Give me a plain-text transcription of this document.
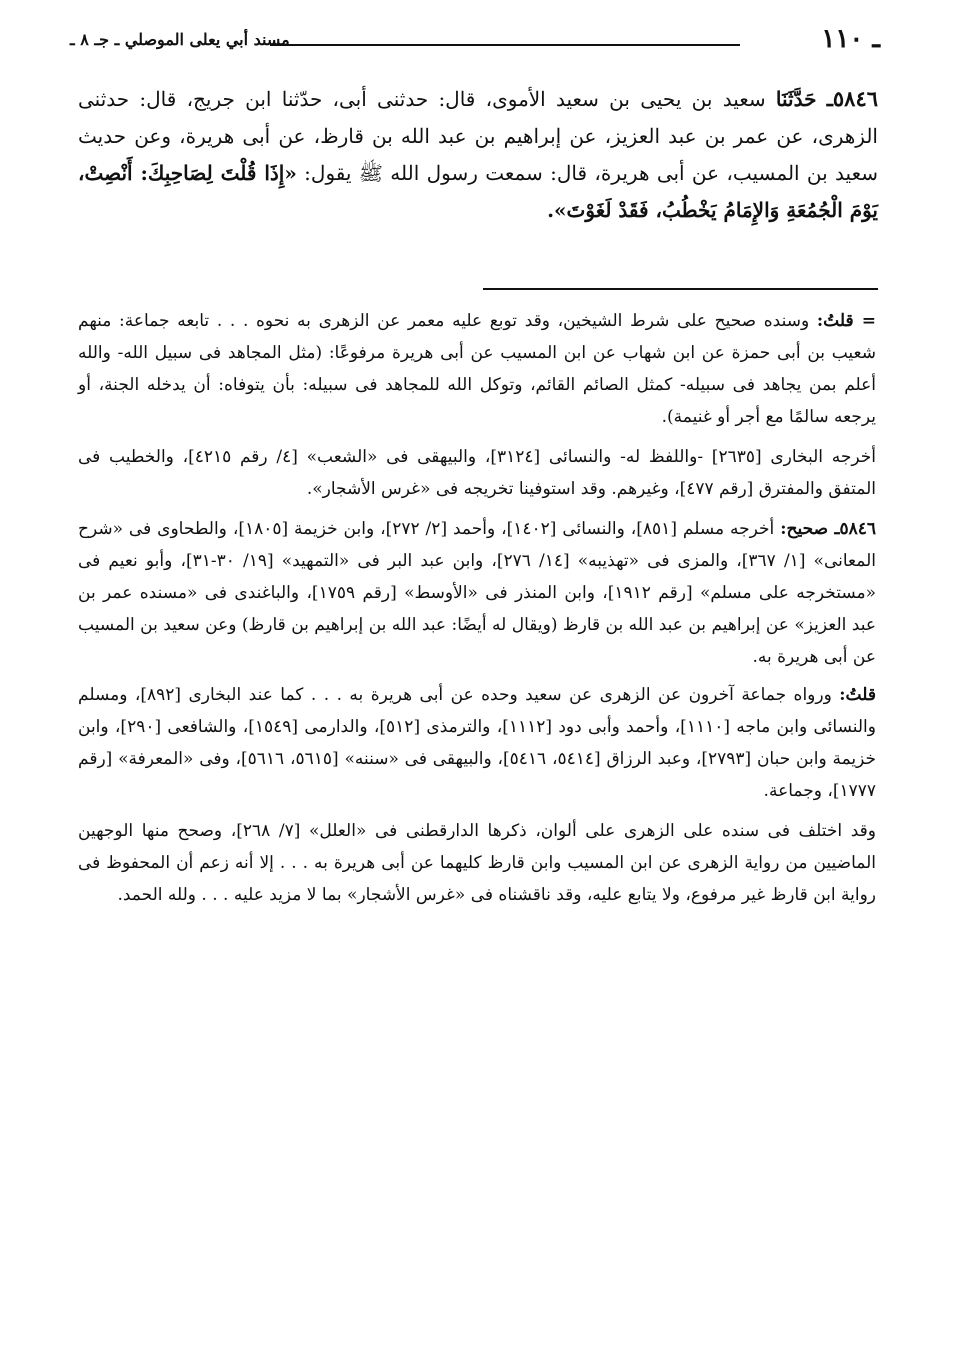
ـ ١١٠
مسند أبي يعلى الموصلي ـ جـ ٨ ـ

٥٨٤٦ـ حَدَّثَنَا سعيد بن يحيى بن سعيد الأموى، قال: حدثنى أبى، حدّثنا ابن جريج، قال: حدثنى الزهرى، عن عمر بن عبد العزيز، عن إبراهيم بن عبد الله بن قارظ، عن أبى هريرة، وعن حديث سعيد بن المسيب، عن أبى هريرة، قال: سمعت رسول الله ﷺ يقول: «إِذَا قُلْتَ لِصَاحِبِكَ: أَنْصِتْ، يَوْمَ الْجُمُعَةِ وَالإِمَامُ يَخْطُبُ، فَقَدْ لَغَوْتَ».

= قلتُ: وسنده صحيح على شرط الشيخين، وقد توبع عليه معمر عن الزهرى به نحوه . . . تابعه جماعة: منهم شعيب بن أبى حمزة عن ابن شهاب عن ابن المسيب عن أبى هريرة مرفوعًا: (مثل المجاهد فى سبيل الله- والله أعلم بمن يجاهد فى سبيله- كمثل الصائم القائم، وتوكل الله للمجاهد فى سبيله: بأن يتوفاه: أن يدخله الجنة، أو يرجعه سالمًا مع أجر أو غنيمة).

أخرجه البخارى [٢٦٣٥] -واللفظ له- والنسائى [٣١٢٤]، والبيهقى فى «الشعب» [٤/ رقم ٤٢١٥]، والخطيب فى المتفق والمفترق [رقم ٤٧٧]، وغيرهم. وقد استوفينا تخريجه فى «غرس الأشجار».

٥٨٤٦ـ صحيح: أخرجه مسلم [٨٥١]، والنسائى [١٤٠٢]، وأحمد [٢/ ٢٧٢]، وابن خزيمة [١٨٠٥]، والطحاوى فى «شرح المعانى» [١/ ٣٦٧]، والمزى فى «تهذيبه» [١٤/ ٢٧٦]، وابن عبد البر فى «التمهيد» [١٩/ ٣٠-٣١]، وأبو نعيم فى «مستخرجه على مسلم» [رقم ١٩١٢]، وابن المنذر فى «الأوسط» [رقم ١٧٥٩]، والباغندى فى «مسنده عمر بن عبد العزيز» عن إبراهيم بن عبد الله بن قارظ (ويقال له أيضًا: عبد الله بن إبراهيم بن قارظ) وعن سعيد بن المسيب عن أبى هريرة به.

قلتُ: ورواه جماعة آخرون عن الزهرى عن سعيد وحده عن أبى هريرة به . . . كما عند البخارى [٨٩٢]، ومسلم والنسائى وابن ماجه [١١١٠]، وأحمد وأبى دود [١١١٢]، والترمذى [٥١٢]، والدارمى [١٥٤٩]، والشافعى [٢٩٠]، وابن خزيمة وابن حبان [٢٧٩٣]، وعبد الرزاق [٥٤١٤، ٥٤١٦]، والبيهقى فى «سننه» [٥٦١٥، ٥٦١٦]، وفى «المعرفة» [رقم ١٧٧٧]، وجماعة.

وقد اختلف فى سنده على الزهرى على ألوان، ذكرها الدارقطنى فى «العلل» [٧/ ٢٦٨]، وصحح منها الوجهين الماضيين من رواية الزهرى عن ابن المسيب وابن قارظ كليهما عن أبى هريرة به . . . إلا أنه زعم أن المحفوظ فى رواية ابن قارظ غير مرفوع، ولا يتابع عليه، وقد ناقشناه فى «غرس الأشجار» بما لا مزيد عليه . . . ولله الحمد.
